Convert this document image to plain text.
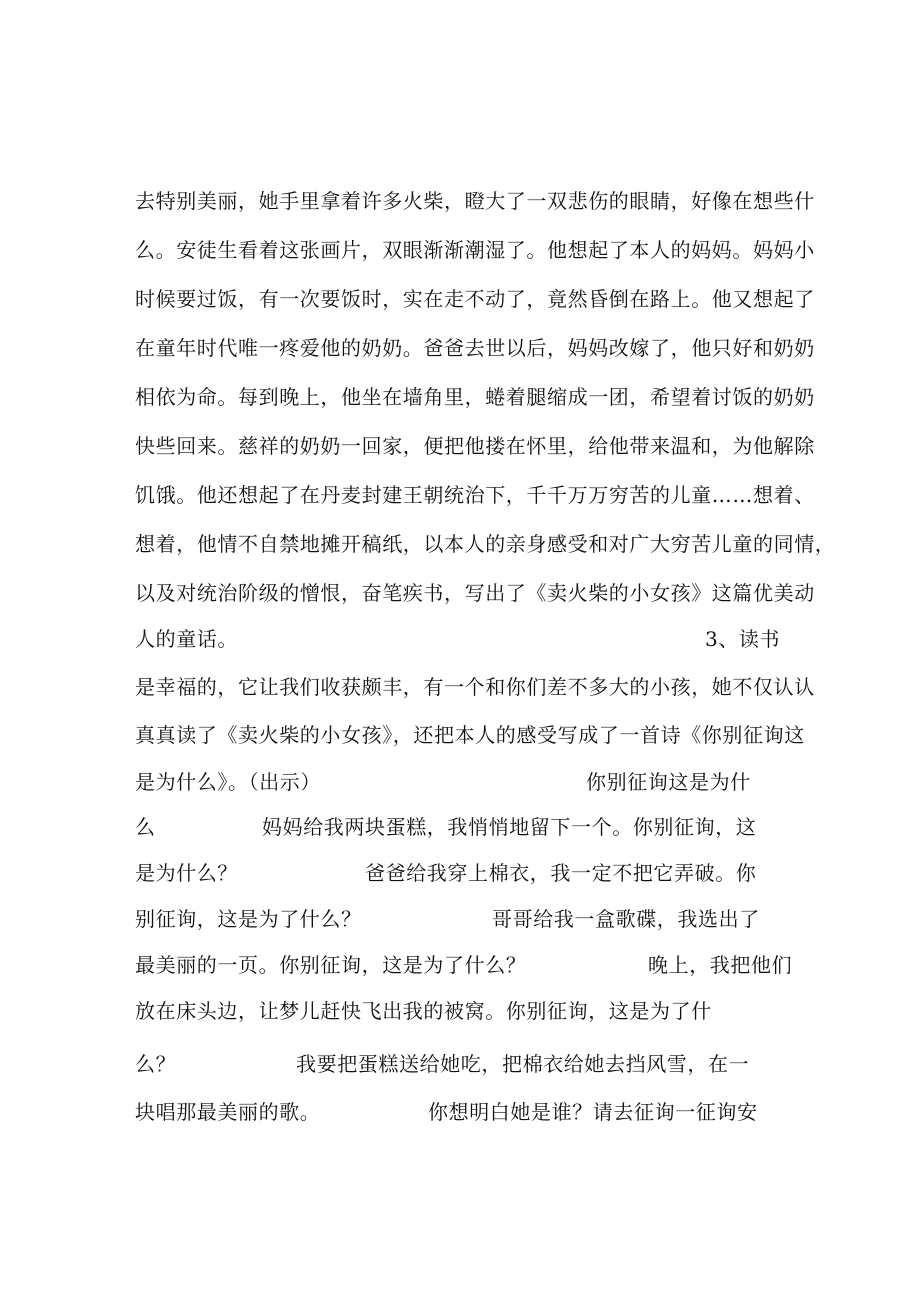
去特别美丽，她手里拿着许多火柴，瞪大了一双悲伤的眼睛，好像在想些什
么。安徒生看着这张画片，双眼渐渐潮湿了。他想起了本人的妈妈。妈妈小
时候要过饭，有一次要饭时，实在走不动了，竟然昏倒在路上。他又想起了
在童年时代唯一疼爱他的奶奶。爸爸去世以后，妈妈改嫁了，他只好和奶奶
相依为命。每到晚上，他坐在墙角里，蜷着腿缩成一团，希望着讨饭的奶奶
快些回来。慈祥的奶奶一回家，便把他搂在怀里，给他带来温和，为他解除
饥饿。他还想起了在丹麦封建王朝统治下，千千万万穷苦的儿童……想着、
想着，他情不自禁地摊开稿纸，以本人的亲身感受和对广大穷苦儿童的同情，
以及对统治阶级的憎恨，奋笔疾书，写出了《卖火柴的小女孩》这篇优美动

人的童话。

	3、读书

是幸福的，它让我们收获颇丰，有一个和你们差不多大的小孩，她不仅认认
真真读了《卖火柴的小女孩》，还把本人的感受写成了一首诗《你别征询这

是为什么》。（出示）

	你别征询这是为什

么

	妈妈给我两块蛋糕，我悄悄地留下一个。你别征询，这

是为什么？

	爸爸给我穿上棉衣，我一定不把它弄破。你

别征询，这是为了什么？

	哥哥给我一盒歌碟，我选出了

最美丽的一页。你别征询，这是为了什么？

	晚上，我把他们

放在床头边，让梦儿赶快飞出我的被窝。你别征询，这是为了什

么？

	我要把蛋糕送给她吃，把棉衣给她去挡风雪，在一

块唱那最美丽的歌。

	你想明白她是谁？请去征询一征询安
